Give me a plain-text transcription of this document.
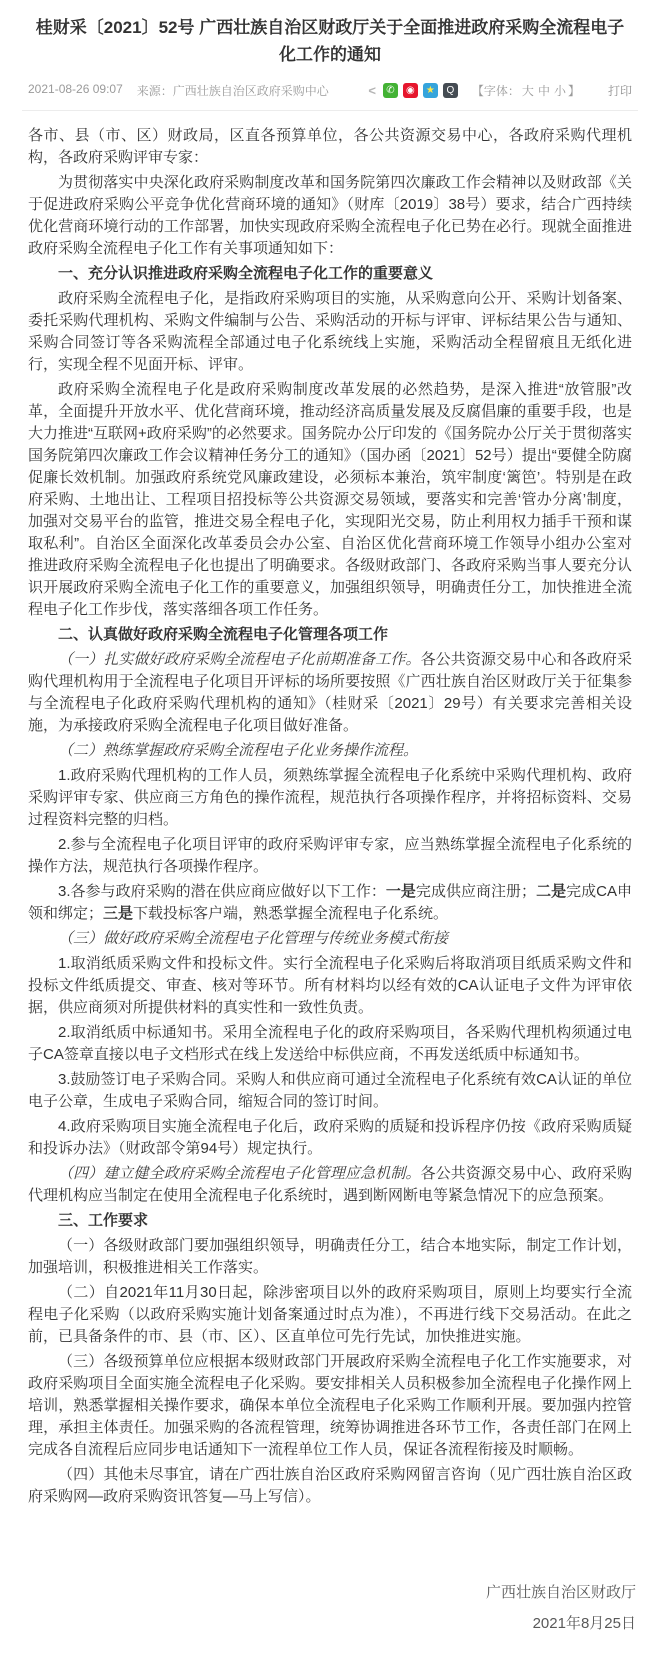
桂财采〔2021〕52号 广西壮族自治区财政厅关于全面推进政府采购全流程电子化工作的通知
2021-08-26 09:07 来源：广西壮族自治区政府采购中心	<	✆	◉	★	Q	【字体： 大 中 小 】 打印

各市、县（市、区）财政局，区直各预算单位，各公共资源交易中心，各政府采购代理机构，各政府采购评审专家：

为贯彻落实中央深化政府采购制度改革和国务院第四次廉政工作会精神以及财政部《关于促进政府采购公平竞争优化营商环境的通知》（财库〔2019〕38号）要求，结合广西持续优化营商环境行动的工作部署，加快实现政府采购全流程电子化已势在必行。现就全面推进政府采购全流程电子化工作有关事项通知如下：

一、充分认识推进政府采购全流程电子化工作的重要意义

政府采购全流程电子化，是指政府采购项目的实施，从采购意向公开、采购计划备案、委托采购代理机构、采购文件编制与公告、采购活动的开标与评审、评标结果公告与通知、采购合同签订等各采购流程全部通过电子化系统线上实施，采购活动全程留痕且无纸化进行，实现全程不见面开标、评审。

政府采购全流程电子化是政府采购制度改革发展的必然趋势，是深入推进“放管服”改革，全面提升开放水平、优化营商环境，推动经济高质量发展及反腐倡廉的重要手段，也是大力推进“互联网+政府采购”的必然要求。国务院办公厅印发的《国务院办公厅关于贯彻落实国务院第四次廉政工作会议精神任务分工的通知》（国办函〔2021〕52号）提出“要健全防腐促廉长效机制。加强政府系统党风廉政建设，必须标本兼治，筑牢制度‘篱笆’。特别是在政府采购、土地出让、工程项目招投标等公共资源交易领域，要落实和完善‘管办分离’制度，加强对交易平台的监管，推进交易全程电子化，实现阳光交易，防止利用权力插手干预和谋取私利”。自治区全面深化改革委员会办公室、自治区优化营商环境工作领导小组办公室对推进政府采购全流程电子化也提出了明确要求。各级财政部门、各政府采购当事人要充分认识开展政府采购全流电子化工作的重要意义，加强组织领导，明确责任分工，加快推进全流程电子化工作步伐，落实落细各项工作任务。

二、认真做好政府采购全流程电子化管理各项工作

（一）扎实做好政府采购全流程电子化前期准备工作。各公共资源交易中心和各政府采购代理机构用于全流程电子化项目开评标的场所要按照《广西壮族自治区财政厅关于征集参与全流程电子化政府采购代理机构的通知》（桂财采〔2021〕29号）有关要求完善相关设施，为承接政府采购全流程电子化项目做好准备。

（二）熟练掌握政府采购全流程电子化业务操作流程。

1.政府采购代理机构的工作人员，须熟练掌握全流程电子化系统中采购代理机构、政府采购评审专家、供应商三方角色的操作流程，规范执行各项操作程序，并将招标资料、交易过程资料完整的归档。

2.参与全流程电子化项目评审的政府采购评审专家，应当熟练掌握全流程电子化系统的操作方法，规范执行各项操作程序。

3.各参与政府采购的潜在供应商应做好以下工作：一是完成供应商注册；二是完成CA申领和绑定；三是下载投标客户端，熟悉掌握全流程电子化系统。

（三）做好政府采购全流程电子化管理与传统业务模式衔接

1.取消纸质采购文件和投标文件。实行全流程电子化采购后将取消项目纸质采购文件和投标文件纸质提交、审查、核对等环节。所有材料均以经有效的CA认证电子文件为评审依据，供应商须对所提供材料的真实性和一致性负责。

2.取消纸质中标通知书。采用全流程电子化的政府采购项目，各采购代理机构须通过电子CA签章直接以电子文档形式在线上发送给中标供应商，不再发送纸质中标通知书。

3.鼓励签订电子采购合同。采购人和供应商可通过全流程电子化系统有效CA认证的单位电子公章，生成电子采购合同，缩短合同的签订时间。

4.政府采购项目实施全流程电子化后，政府采购的质疑和投诉程序仍按《政府采购质疑和投诉办法》（财政部令第94号）规定执行。

（四）建立健全政府采购全流程电子化管理应急机制。各公共资源交易中心、政府采购代理机构应当制定在使用全流程电子化系统时，遇到断网断电等紧急情况下的应急预案。

三、工作要求

（一）各级财政部门要加强组织领导，明确责任分工，结合本地实际，制定工作计划，加强培训，积极推进相关工作落实。

（二）自2021年11月30日起，除涉密项目以外的政府采购项目，原则上均要实行全流程电子化采购（以政府采购实施计划备案通过时点为准），不再进行线下交易活动。在此之前，已具备条件的市、县（市、区）、区直单位可先行先试，加快推进实施。

（三）各级预算单位应根据本级财政部门开展政府采购全流程电子化工作实施要求，对政府采购项目全面实施全流程电子化采购。要安排相关人员积极参加全流程电子化操作网上培训，熟悉掌握相关操作要求，确保本单位全流程电子化采购工作顺利开展。要加强内控管理，承担主体责任。加强采购的各流程管理，统筹协调推进各环节工作，各责任部门在网上完成各自流程后应同步电话通知下一流程单位工作人员，保证各流程衔接及时顺畅。

（四）其他未尽事宜，请在广西壮族自治区政府采购网留言咨询（见广西壮族自治区政府采购网—政府采购资讯答复—马上写信）。

广西壮族自治区财政厅
2021年8月25日
